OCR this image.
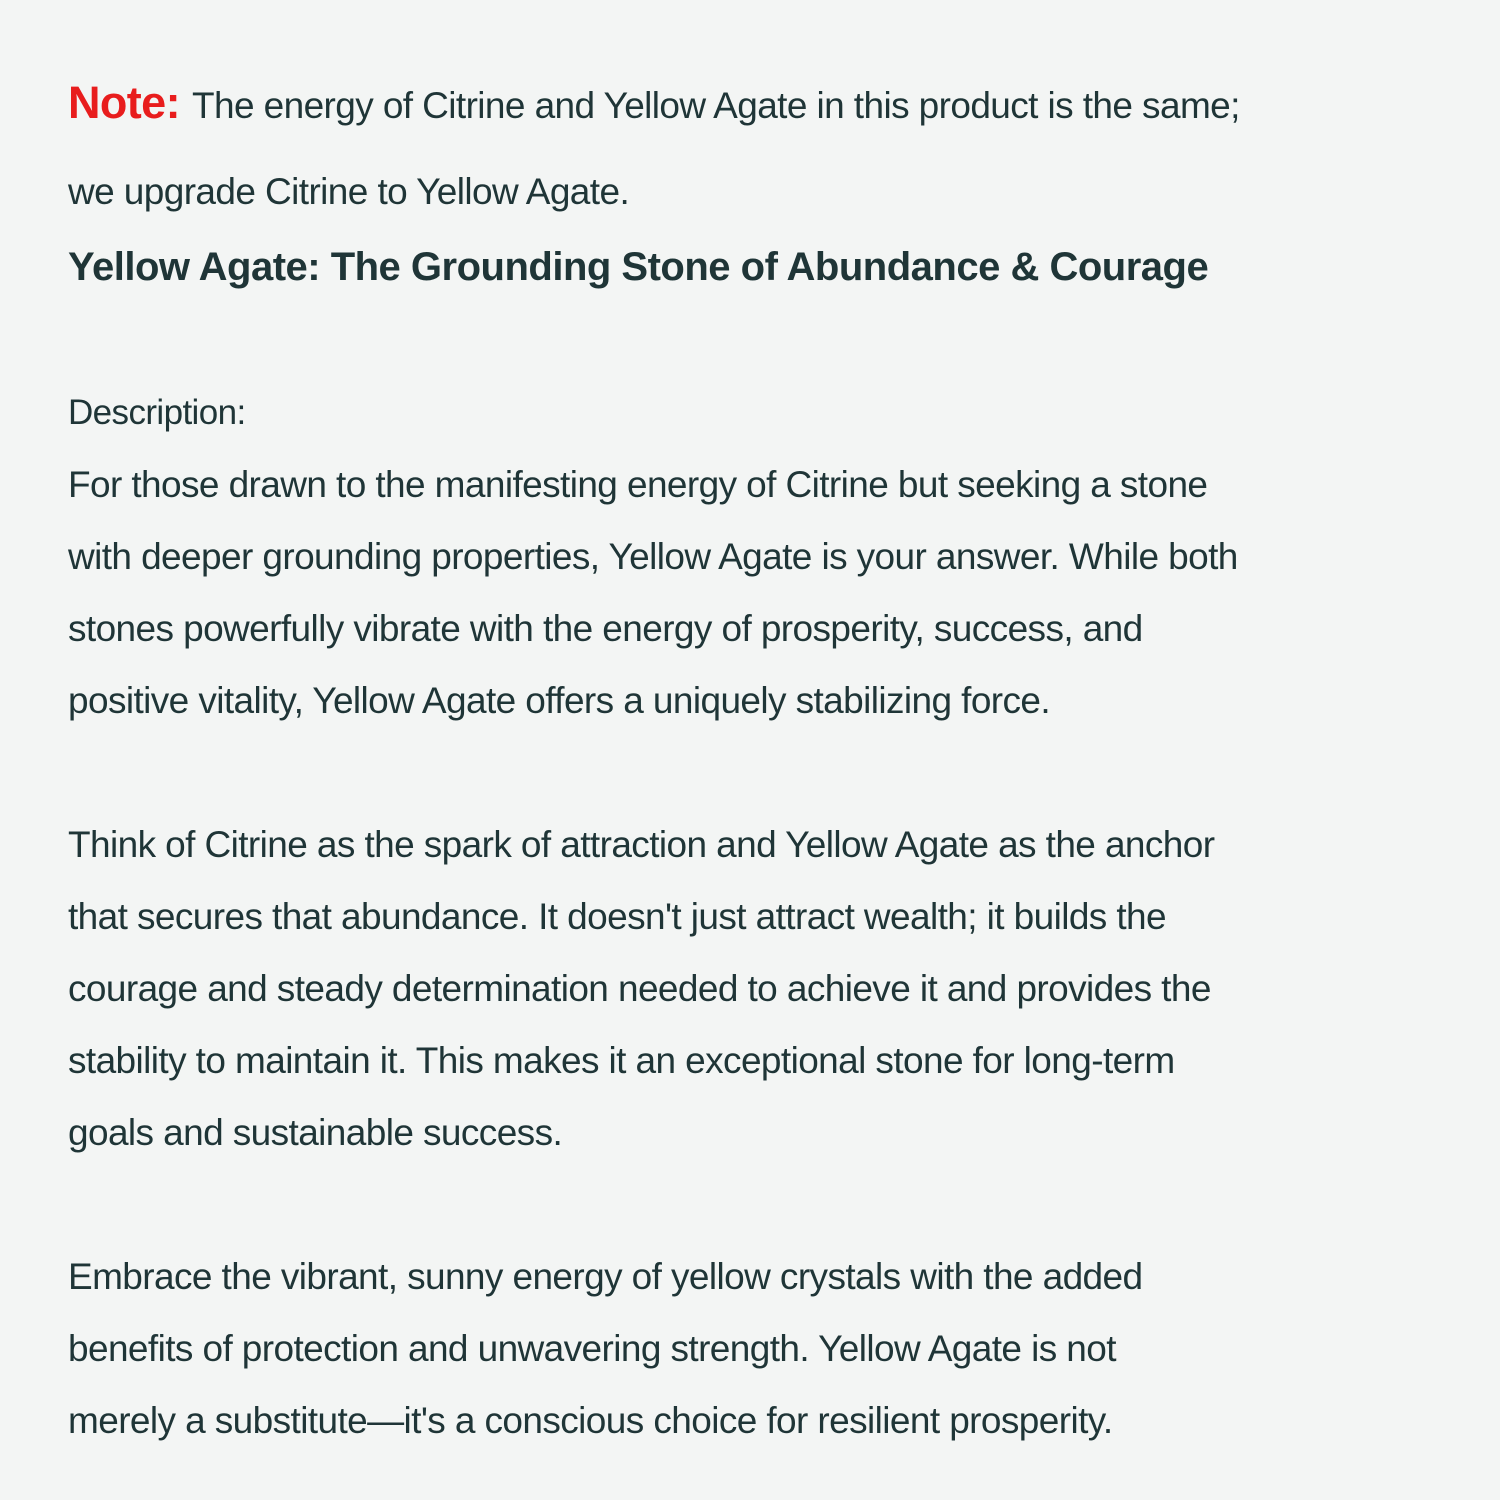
Note: The energy of Citrine and Yellow Agate in this product is the same;
we upgrade Citrine to Yellow Agate.
Yellow Agate: The Grounding Stone of Abundance & Courage
Description:
For those drawn to the manifesting energy of Citrine but seeking a stone
with deeper grounding properties, Yellow Agate is your answer. While both
stones powerfully vibrate with the energy of prosperity, success, and
positive vitality, Yellow Agate offers a uniquely stabilizing force.
Think of Citrine as the spark of attraction and Yellow Agate as the anchor
that secures that abundance. It doesn't just attract wealth; it builds the
courage and steady determination needed to achieve it and provides the
stability to maintain it. This makes it an exceptional stone for long-term
goals and sustainable success.
Embrace the vibrant, sunny energy of yellow crystals with the added
benefits of protection and unwavering strength. Yellow Agate is not
merely a substitute—it's a conscious choice for resilient prosperity.
